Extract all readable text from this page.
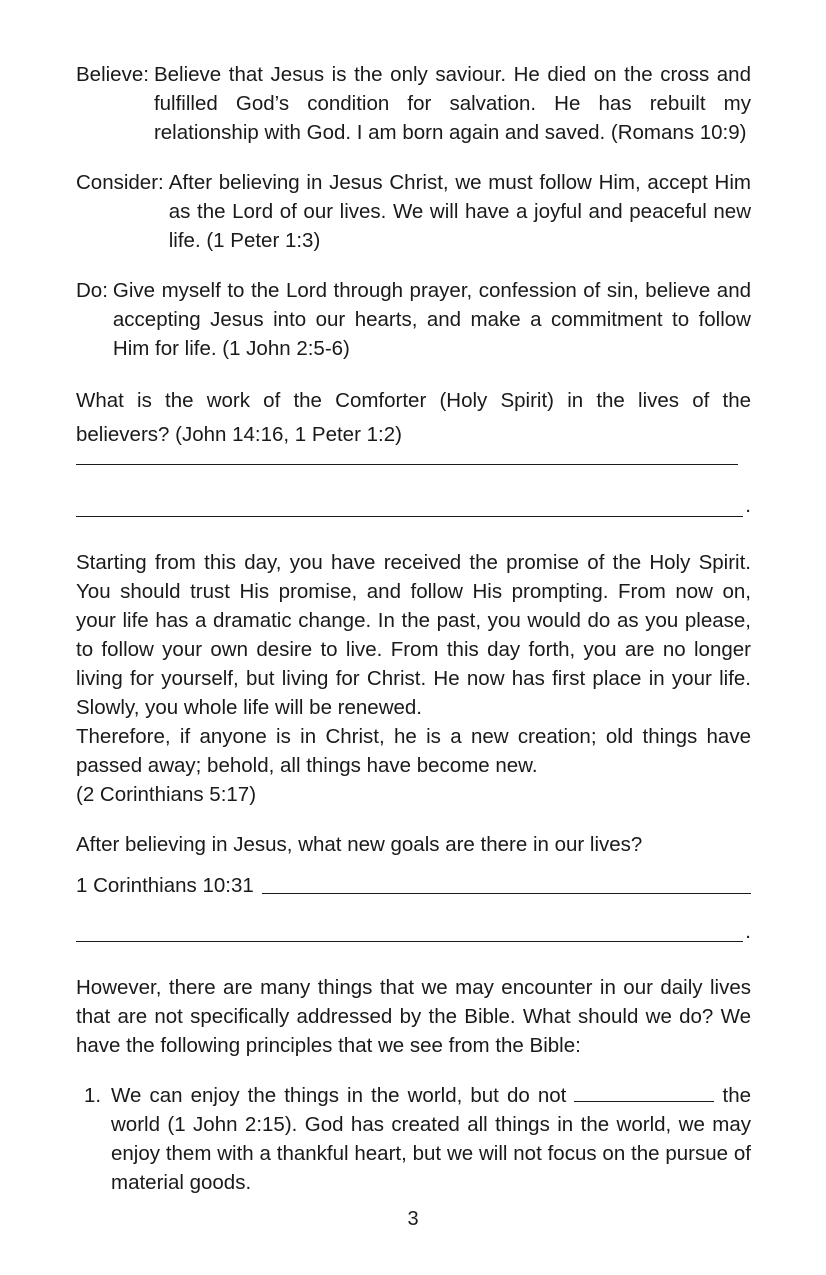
Believe: Believe that Jesus is the only saviour. He died on the cross and fulfilled God’s condition for salvation. He has rebuilt my relationship with God. I am born again and saved. (Romans 10:9)
Consider: After believing in Jesus Christ, we must follow Him, accept Him as the Lord of our lives. We will have a joyful and peaceful new life. (1 Peter 1:3)
Do: Give myself to the Lord through prayer, confession of sin, believe and accepting Jesus into our hearts, and make a commitment to follow Him for life. (1 John 2:5-6)

What is the work of the Comforter (Holy Spirit) in the lives of the believers? (John 14:16, 1 Peter 1:2)

.

Starting from this day, you have received the promise of the Holy Spirit. You should trust His promise, and follow His prompting. From now on, your life has a dramatic change. In the past, you would do as you please, to follow your own desire to live. From this day forth, you are no longer living for yourself, but living for Christ. He now has first place in your life. Slowly, you whole life will be renewed.

Therefore, if anyone is in Christ, he is a new creation; old things have passed away; behold, all things have become new.

(2 Corinthians 5:17)

After believing in Jesus, what new goals are there in our lives?

1 Corinthians 10:31
.

However, there are many things that we may encounter in our daily lives that are not specifically addressed by the Bible. What should we do? We have the following principles that we see from the Bible:

1. We can enjoy the things in the world, but do not	the world (1 John 2:15). God has created all things in the world, we may enjoy them with a thankful heart, but we will not focus on the pursue of material goods.
3
